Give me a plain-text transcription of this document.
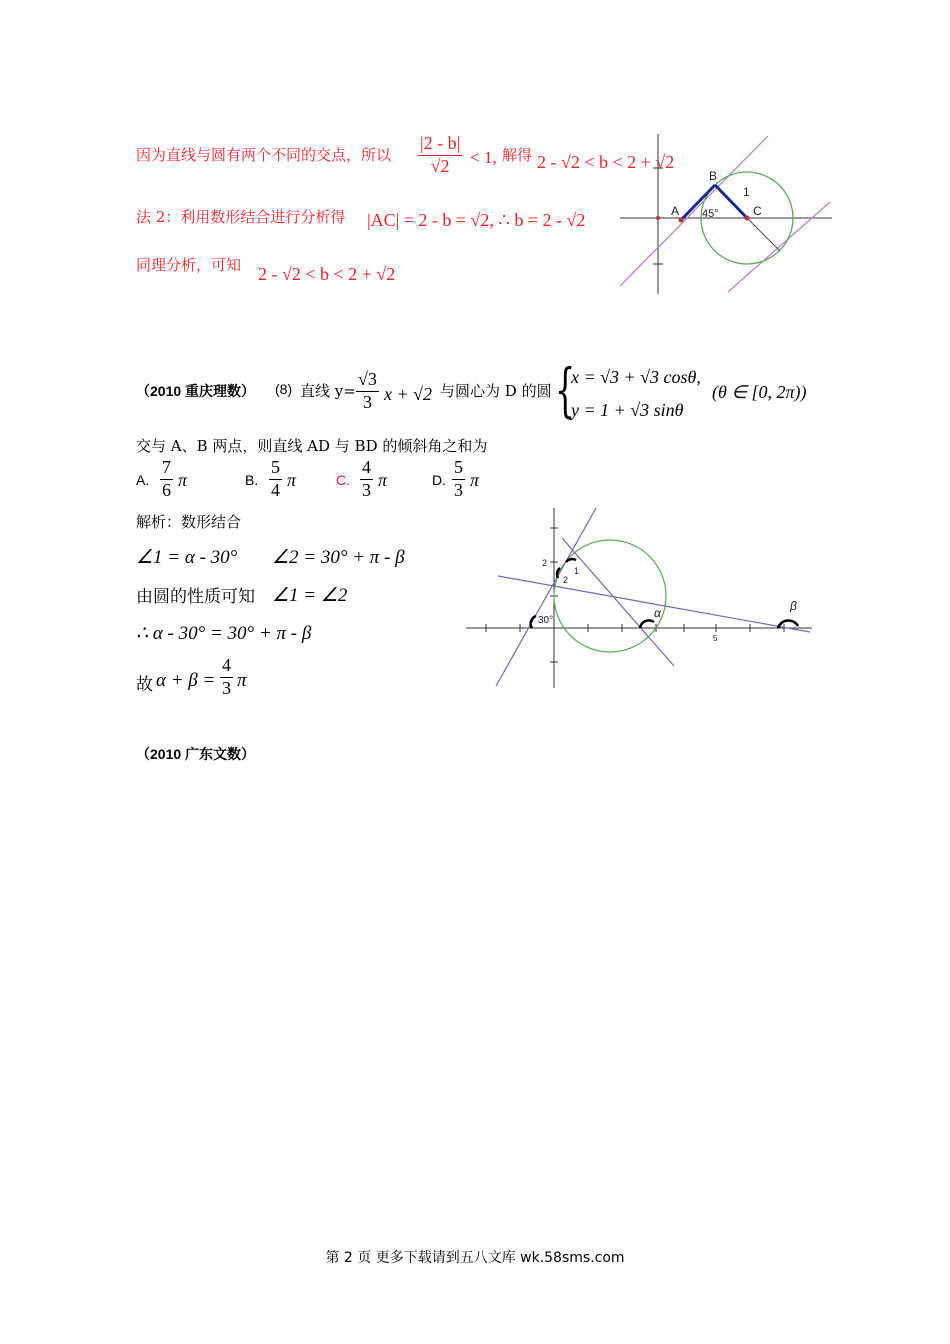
因为直线与圆有两个不同的交点，所以 $\frac{|2 - b|}{√2} < 1$, 解得 2 - √2 < b < 2 + √2
法 2：利用数形结合进行分析得 |AC| = 2 - b = √2, ∴ b = 2 - √2
同理分析，可知 2 - √2 < b < 2 + √2
A
B
C
1
45°
（2010 重庆理数） (8) 直线 $y= \frac{√3}{3}$ x + √2 与圆心为 D 的圆 {
x = √3 + √3 cosθ,
y = 1 + √3 sinθ
(θ ∈ [0, 2π))
交与 A、B 两点，则直线 AD 与 BD 的倾斜角之和为
A. $\frac{7}{6}$ π	B. $\frac{5}{4}$ π	C. $\frac{4}{3}$ π	D. $\frac{5}{3}$ π
解析：数形结合
∠1 = α - 30° ∠2 = 30° + π - β
由圆的性质可知 ∠1 = ∠2
∴ α - 30° = 30° + π - β
故 $\alpha + \beta = \frac{4}{3}$ π
2
1
2
30°
α	β
5
（2010 广东文数）
第 2 页 更多下载请到五八文库 wk.58sms.com
